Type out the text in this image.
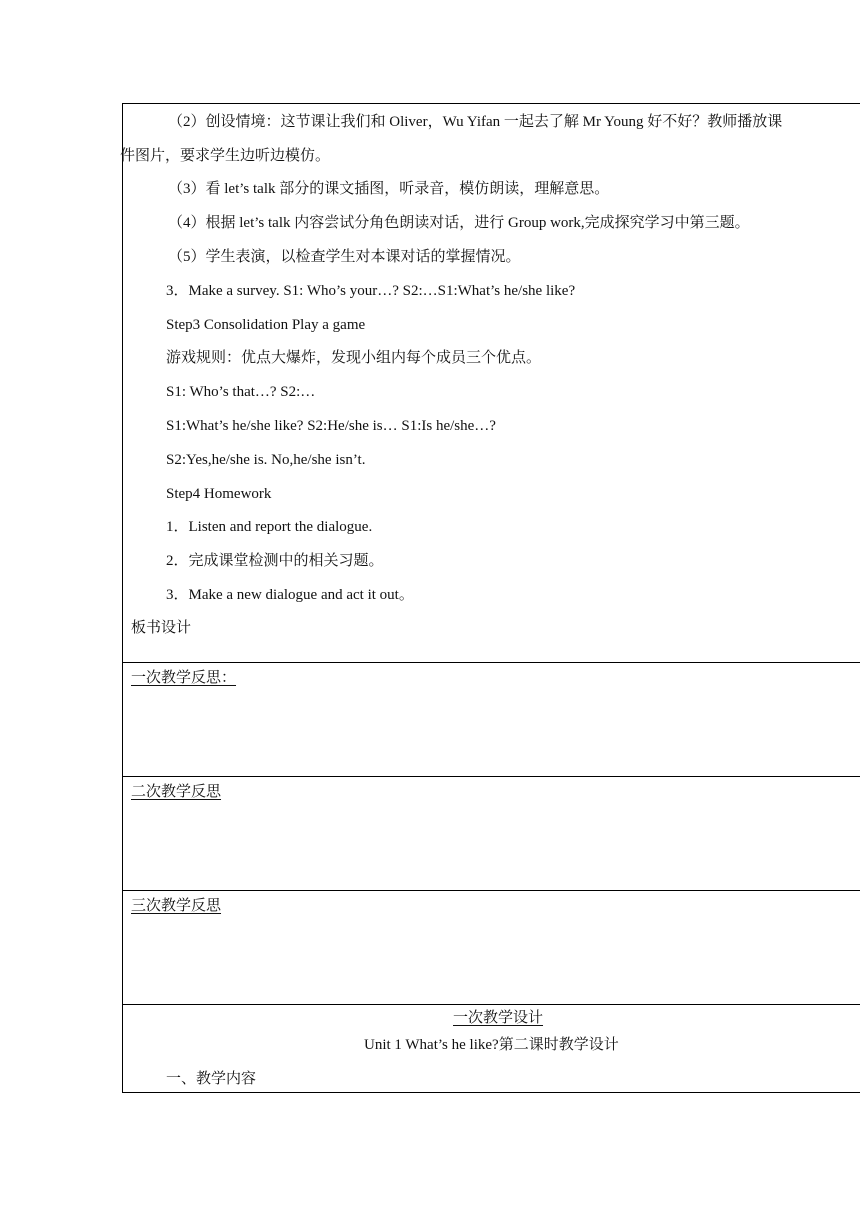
（2）创设情境：这节课让我们和 Oliver，Wu Yifan 一起去了解 Mr Young 好不好？教师播放课
件图片，要求学生边听边模仿。
（3）看 let’s talk 部分的课文插图，听录音，模仿朗读，理解意思。
（4）根据 let’s talk 内容尝试分角色朗读对话，进行 Group work,完成探究学习中第三题。
（5）学生表演，以检查学生对本课对话的掌握情况。
3．Make a survey. S1: Who’s your…? S2:…S1:What’s he/she like?
Step3 Consolidation Play a game
游戏规则：优点大爆炸，发现小组内每个成员三个优点。
S1: Who’s that…? S2:…
S1:What’s he/she like? S2:He/she is… S1:Is he/she…?
S2:Yes,he/she is. No,he/she isn’t.
Step4 Homework
1．Listen and report the dialogue.
2．完成课堂检测中的相关习题。
3．Make a new dialogue and act it out。
板书设计
一次教学反思：
二次教学反思
三次教学反思
一次教学设计
Unit 1 What’s he like?第二课时教学设计
一、教学内容
